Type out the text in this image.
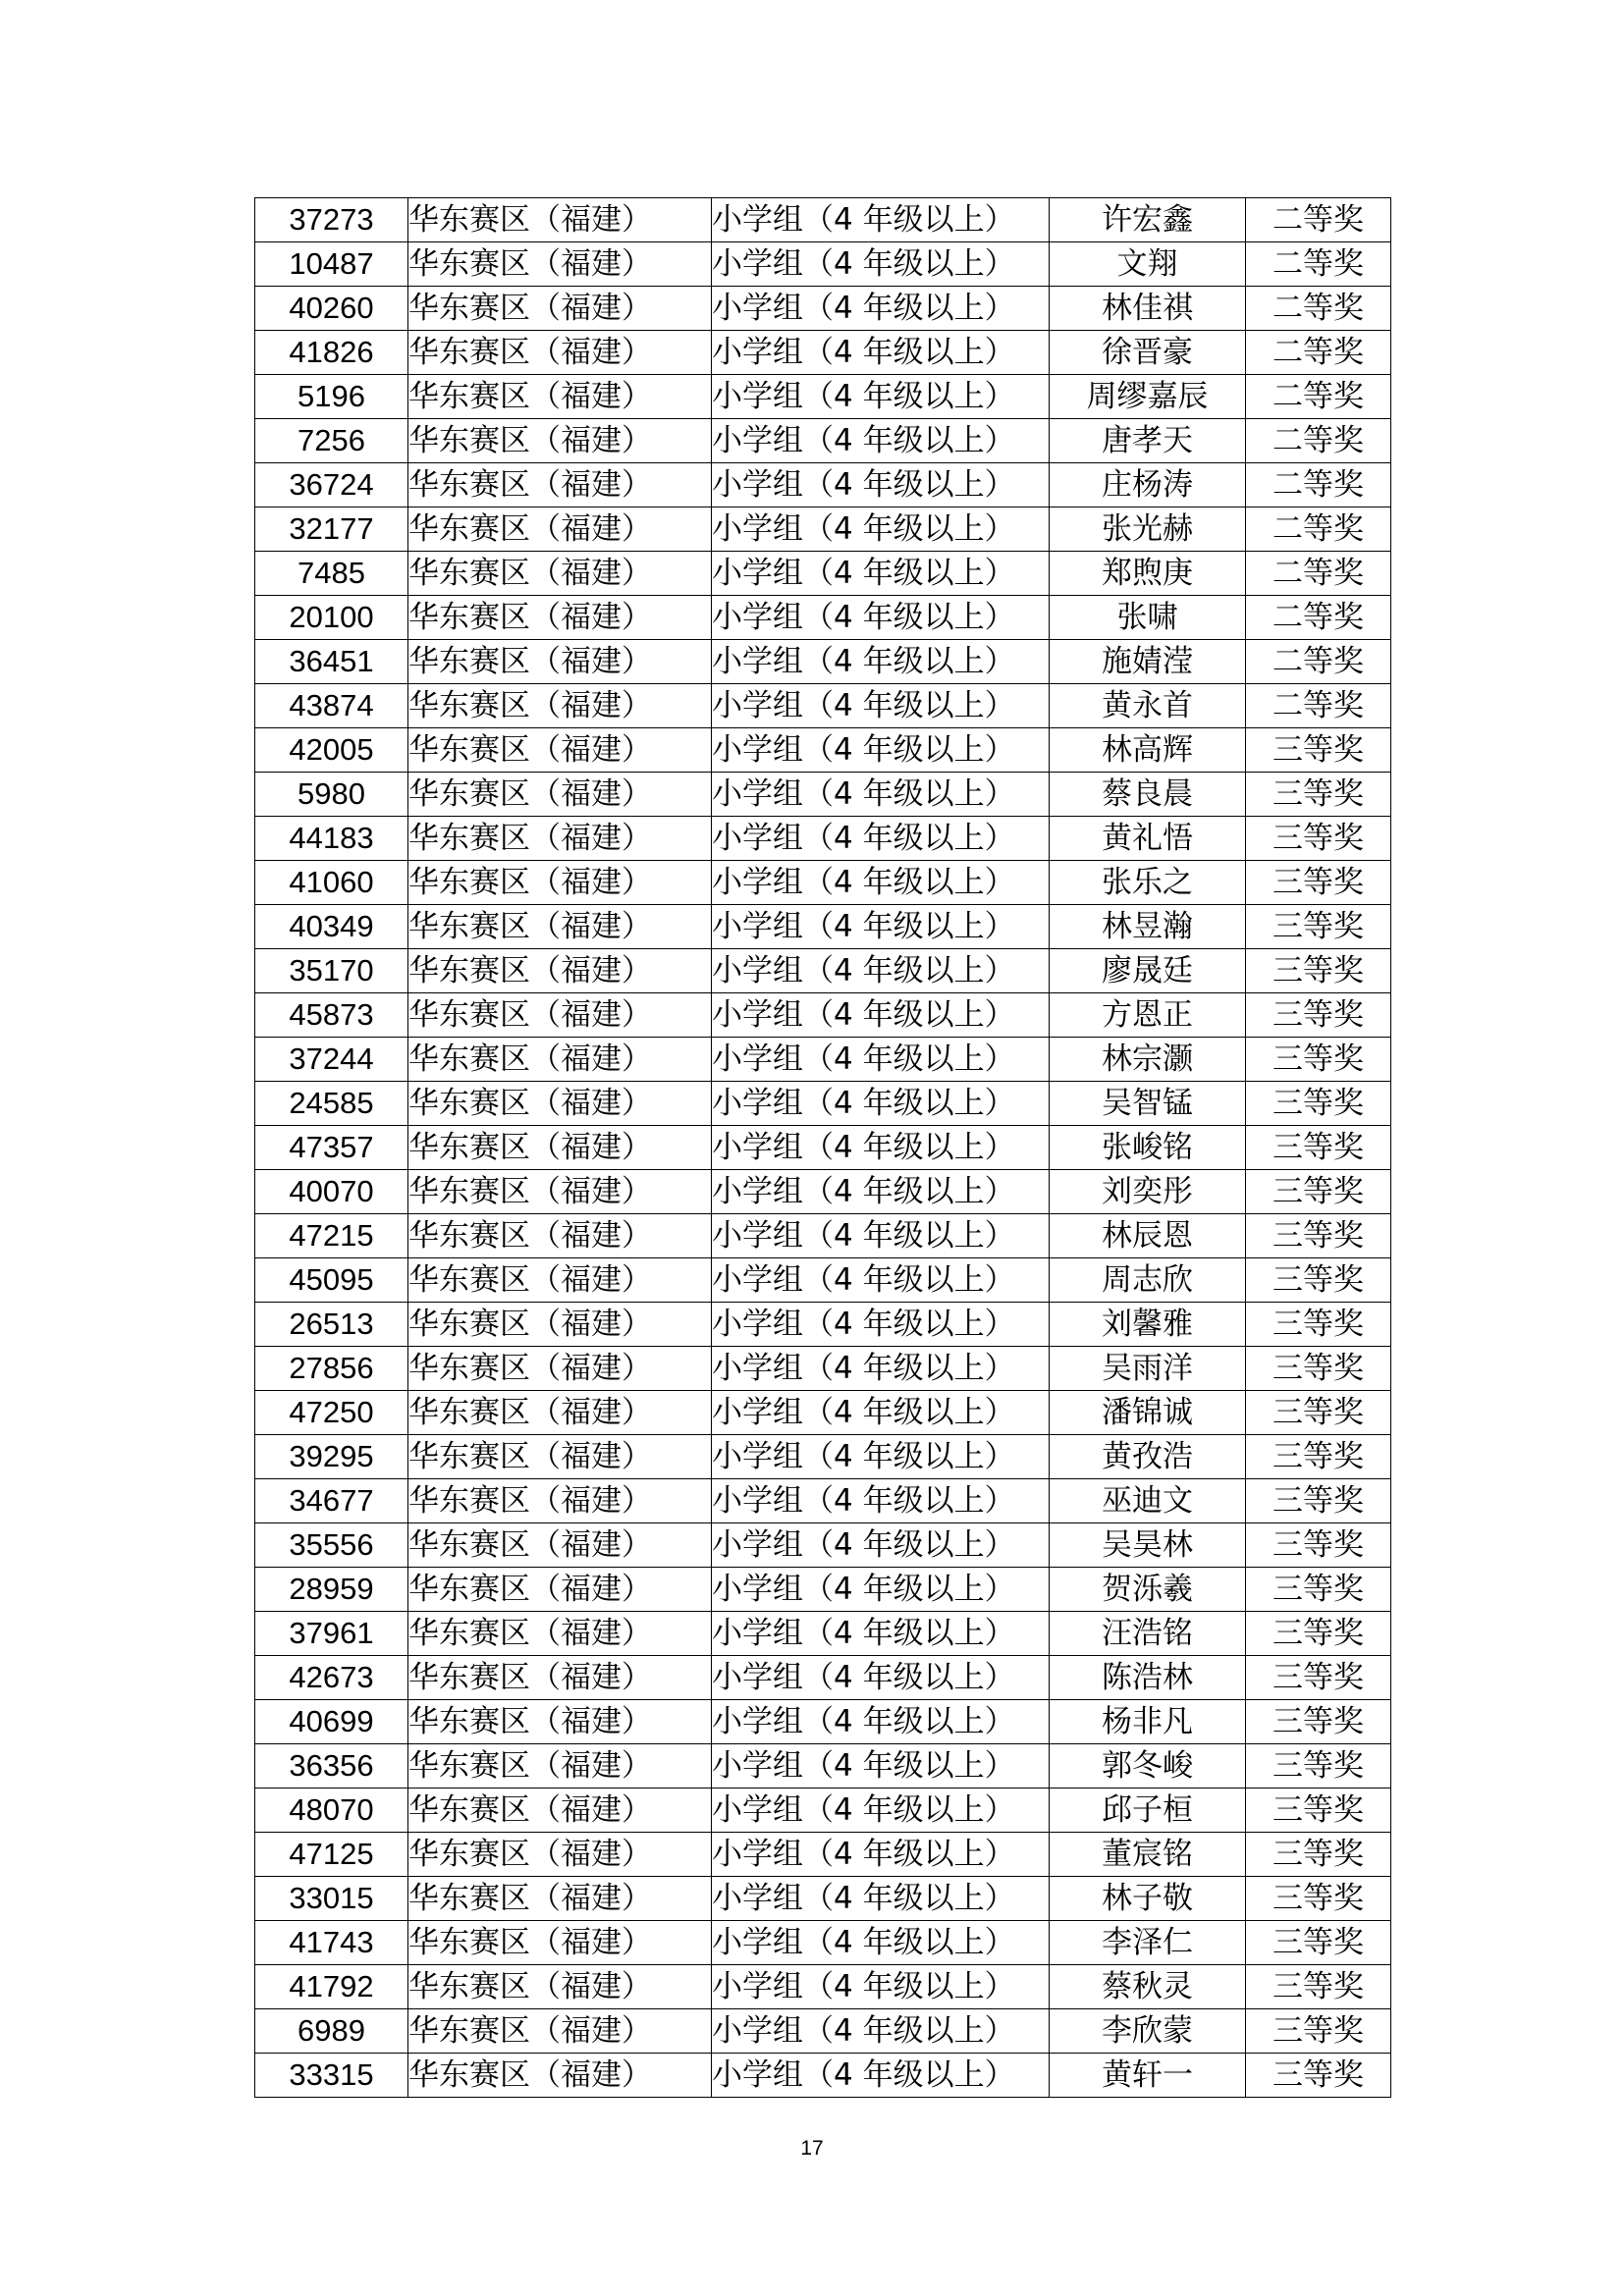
37273	华东赛区（福建）	小学组（4 年级以上）	许宏鑫	二等奖
10487	华东赛区（福建）	小学组（4 年级以上）	文翔	二等奖
40260	华东赛区（福建）	小学组（4 年级以上）	林佳祺	二等奖
41826	华东赛区（福建）	小学组（4 年级以上）	徐晋豪	二等奖
5196	华东赛区（福建）	小学组（4 年级以上）	周缪嘉辰	二等奖
7256	华东赛区（福建）	小学组（4 年级以上）	唐孝天	二等奖
36724	华东赛区（福建）	小学组（4 年级以上）	庄杨涛	二等奖
32177	华东赛区（福建）	小学组（4 年级以上）	张光赫	二等奖
7485	华东赛区（福建）	小学组（4 年级以上）	郑煦庚	二等奖
20100	华东赛区（福建）	小学组（4 年级以上）	张啸	二等奖
36451	华东赛区（福建）	小学组（4 年级以上）	施婧滢	二等奖
43874	华东赛区（福建）	小学组（4 年级以上）	黄永首	二等奖
42005	华东赛区（福建）	小学组（4 年级以上）	林高辉	三等奖
5980	华东赛区（福建）	小学组（4 年级以上）	蔡良晨	三等奖
44183	华东赛区（福建）	小学组（4 年级以上）	黄礼悟	三等奖
41060	华东赛区（福建）	小学组（4 年级以上）	张乐之	三等奖
40349	华东赛区（福建）	小学组（4 年级以上）	林昱瀚	三等奖
35170	华东赛区（福建）	小学组（4 年级以上）	廖晟廷	三等奖
45873	华东赛区（福建）	小学组（4 年级以上）	方恩正	三等奖
37244	华东赛区（福建）	小学组（4 年级以上）	林宗灏	三等奖
24585	华东赛区（福建）	小学组（4 年级以上）	吴智锰	三等奖
47357	华东赛区（福建）	小学组（4 年级以上）	张峻铭	三等奖
40070	华东赛区（福建）	小学组（4 年级以上）	刘奕彤	三等奖
47215	华东赛区（福建）	小学组（4 年级以上）	林辰恩	三等奖
45095	华东赛区（福建）	小学组（4 年级以上）	周志欣	三等奖
26513	华东赛区（福建）	小学组（4 年级以上）	刘馨雅	三等奖
27856	华东赛区（福建）	小学组（4 年级以上）	吴雨洋	三等奖
47250	华东赛区（福建）	小学组（4 年级以上）	潘锦诚	三等奖
39295	华东赛区（福建）	小学组（4 年级以上）	黄孜浩	三等奖
34677	华东赛区（福建）	小学组（4 年级以上）	巫迪文	三等奖
35556	华东赛区（福建）	小学组（4 年级以上）	吴昊林	三等奖
28959	华东赛区（福建）	小学组（4 年级以上）	贺泺羲	三等奖
37961	华东赛区（福建）	小学组（4 年级以上）	汪浩铭	三等奖
42673	华东赛区（福建）	小学组（4 年级以上）	陈浩林	三等奖
40699	华东赛区（福建）	小学组（4 年级以上）	杨非凡	三等奖
36356	华东赛区（福建）	小学组（4 年级以上）	郭冬峻	三等奖
48070	华东赛区（福建）	小学组（4 年级以上）	邱子桓	三等奖
47125	华东赛区（福建）	小学组（4 年级以上）	董宸铭	三等奖
33015	华东赛区（福建）	小学组（4 年级以上）	林子敬	三等奖
41743	华东赛区（福建）	小学组（4 年级以上）	李泽仁	三等奖
41792	华东赛区（福建）	小学组（4 年级以上）	蔡秋灵	三等奖
6989	华东赛区（福建）	小学组（4 年级以上）	李欣蒙	三等奖
33315	华东赛区（福建）	小学组（4 年级以上）	黄轩一	三等奖
17
